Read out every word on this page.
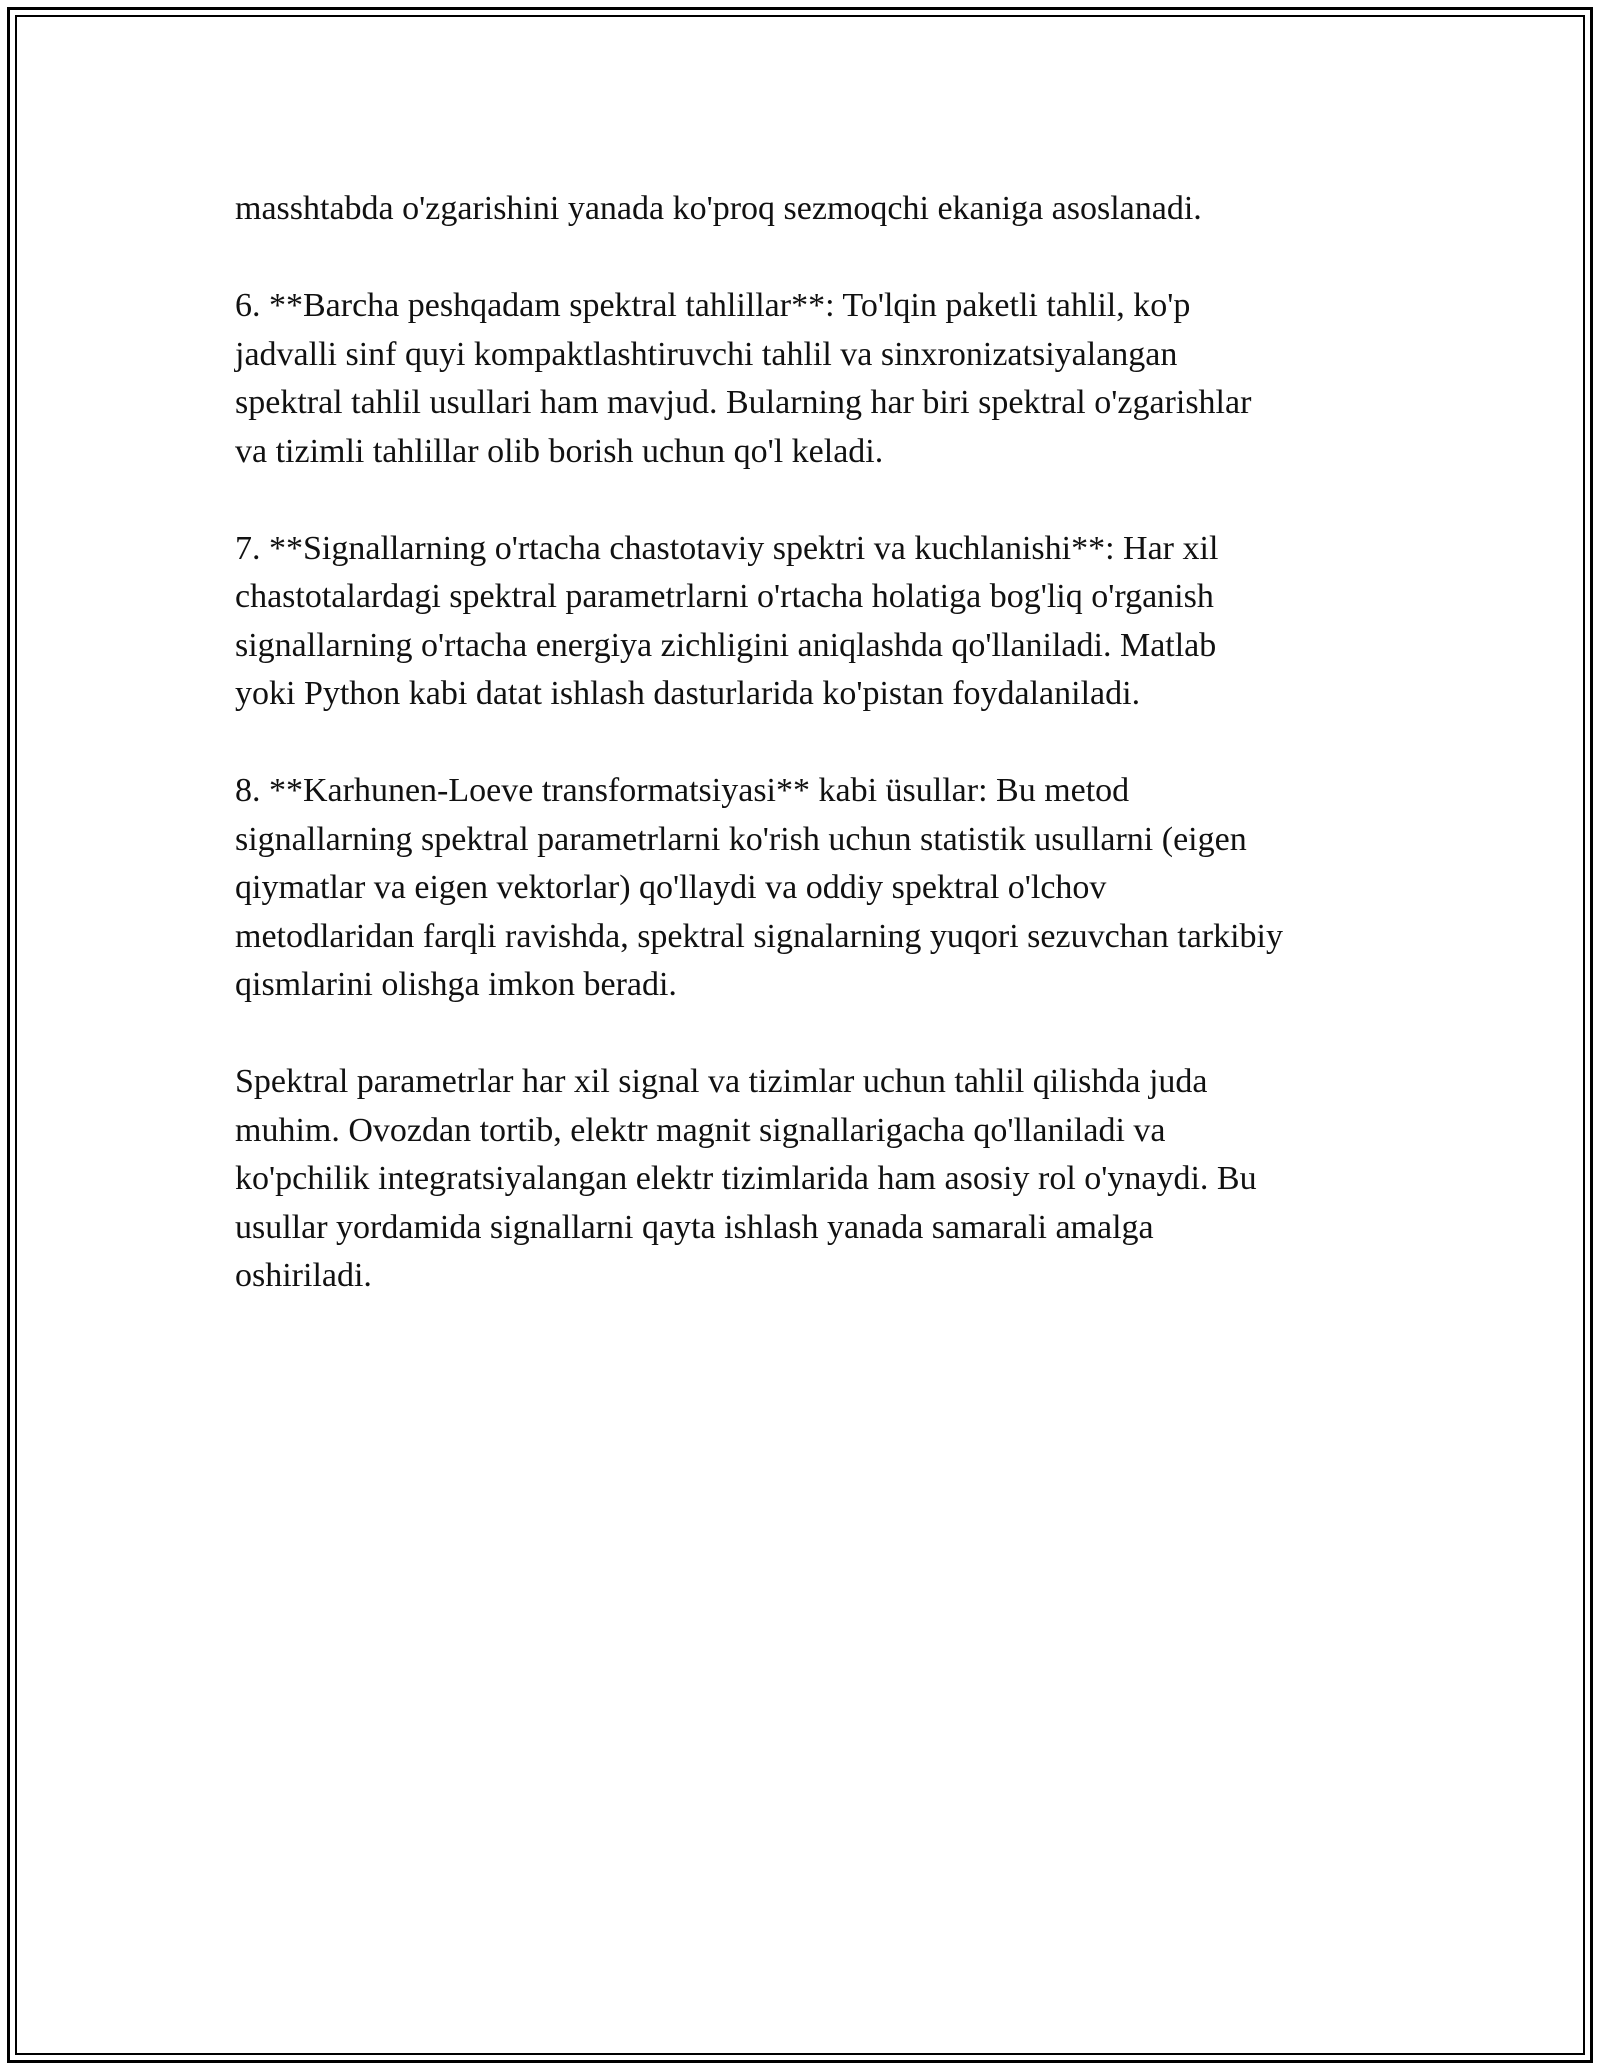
masshtabda o'zgarishini yanada ko'proq sezmoqchi ekaniga asoslanadi.

6. **Barcha peshqadam spektral tahlillar**: To'lqin paketli tahlil, ko'p
jadvalli sinf quyi kompaktlashtiruvchi tahlil va sinxronizatsiyalangan
spektral tahlil usullari ham mavjud. Bularning har biri spektral o'zgarishlar
va tizimli tahlillar olib borish uchun qo'l keladi.

7. **Signallarning o'rtacha chastotaviy spektri va kuchlanishi**: Har xil
chastotalardagi spektral parametrlarni o'rtacha holatiga bog'liq o'rganish
signallarning o'rtacha energiya zichligini aniqlashda qo'llaniladi. Matlab
yoki Python kabi datat ishlash dasturlarida ko'pistan foydalaniladi.

8. **Karhunen-Loeve transformatsiyasi** kabi üsullar: Bu metod
signallarning spektral parametrlarni ko'rish uchun statistik usullarni (eigen
qiymatlar va eigen vektorlar) qo'llaydi va oddiy spektral o'lchov
metodlaridan farqli ravishda, spektral signalarning yuqori sezuvchan tarkibiy
qismlarini olishga imkon beradi.

Spektral parametrlar har xil signal va tizimlar uchun tahlil qilishda juda
muhim. Ovozdan tortib, elektr magnit signallarigacha qo'llaniladi va
ko'pchilik integratsiyalangan elektr tizimlarida ham asosiy rol o'ynaydi. Bu
usullar yordamida signallarni qayta ishlash yanada samarali amalga
oshiriladi.
